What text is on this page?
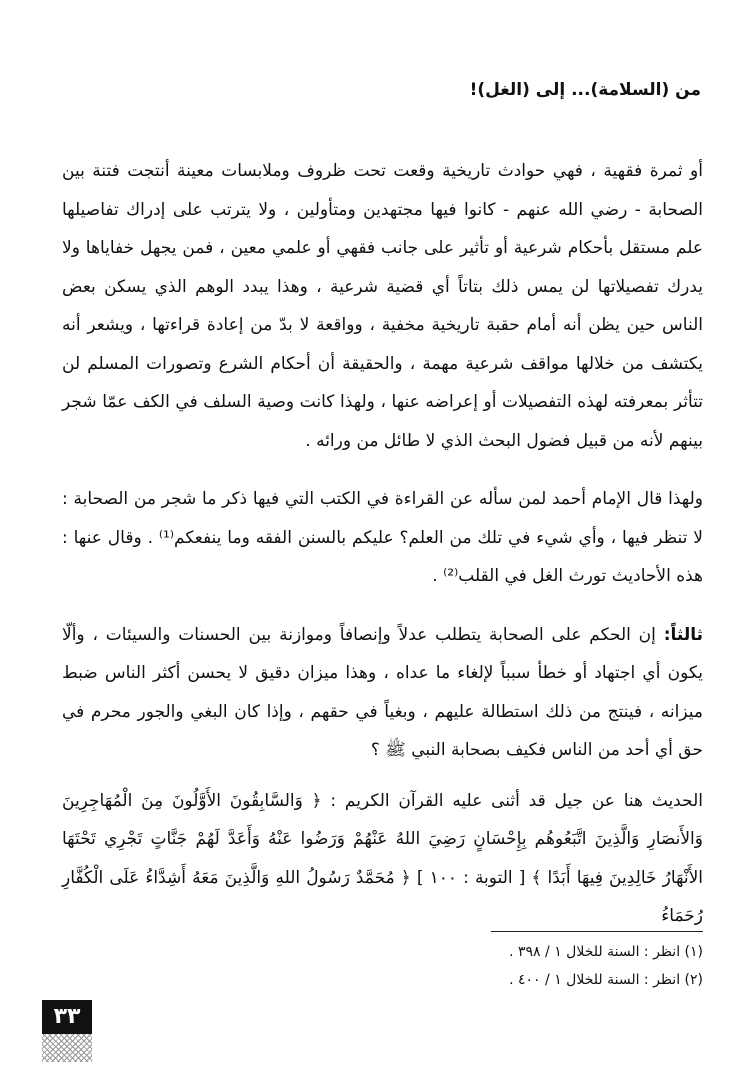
من (السلامة)... إلى (الغل)!

أو ثمرة فقهية ، فهي حوادث تاريخية وقعت تحت ظروف وملابسات معينة أنتجت فتنة بين الصحابة - رضي الله عنهم - كانوا فيها مجتهدين ومتأولين ، ولا يترتب على إدراك تفاصيلها علم مستقل بأحكام شرعية أو تأثير على جانب فقهي أو علمي معين ، فمن يجهل خفاياها ولا يدرك تفصيلاتها لن يمس ذلك بتاتاً أي قضية شرعية ، وهذا يبدد الوهم الذي يسكن بعض الناس حين يظن أنه أمام حقبة تاريخية مخفية ، وواقعة لا بدّ من إعادة قراءتها ، ويشعر أنه يكتشف من خلالها مواقف شرعية مهمة ، والحقيقة أن أحكام الشرع وتصورات المسلم لن تتأثر بمعرفته لهذه التفصيلات أو إعراضه عنها ، ولهذا كانت وصية السلف في الكف عمّا شجر بينهم لأنه من قبيل فضول البحث الذي لا طائل من ورائه .

ولهذا قال الإمام أحمد لمن سأله عن القراءة في الكتب التي فيها ذكر ما شجر من الصحابة : لا تنظر فيها ، وأي شيء في تلك من العلم؟ عليكم بالسنن الفقه وما ينفعكم⁽¹⁾ . وقال عنها : هذه الأحاديث تورث الغل في القلب⁽²⁾ .

ثالثاً: إن الحكم على الصحابة يتطلب عدلاً وإنصافاً وموازنة بين الحسنات والسيئات ، وألّا يكون أي اجتهاد أو خطأ سبباً لإلغاء ما عداه ، وهذا ميزان دقيق لا يحسن أكثر الناس ضبط ميزانه ، فينتج من ذلك استطالة عليهم ، وبغياً في حقهم ، وإذا كان البغي والجور محرم في حق أي أحد من الناس فكيف بصحابة النبي ﷺ ؟

الحديث هنا عن جيل قد أثنى عليه القرآن الكريم : ﴿ وَالسَّابِقُونَ الأَوَّلُونَ مِنَ الْمُهَاجِرِينَ وَالأَنصَارِ وَالَّذِينَ اتَّبَعُوهُم بِإِحْسَانٍ رَضِيَ اللهُ عَنْهُمْ وَرَضُوا عَنْهُ وَأَعَدَّ لَهُمْ جَنَّاتٍ تَجْرِي تَحْتَهَا الأَنْهَارُ خَالِدِينَ فِيهَا أَبَدًا ﴾ [ التوبة : ١٠٠ ] ﴿ مُحَمَّدٌ رَسُولُ اللهِ وَالَّذِينَ مَعَهُ أَشِدَّاءُ عَلَى الْكُفَّارِ رُحَمَاءُ

(١) انظر : السنة للخلال ١ / ٣٩٨ .
(٢) انظر : السنة للخلال ١ / ٤٠٠ .
٣٣
